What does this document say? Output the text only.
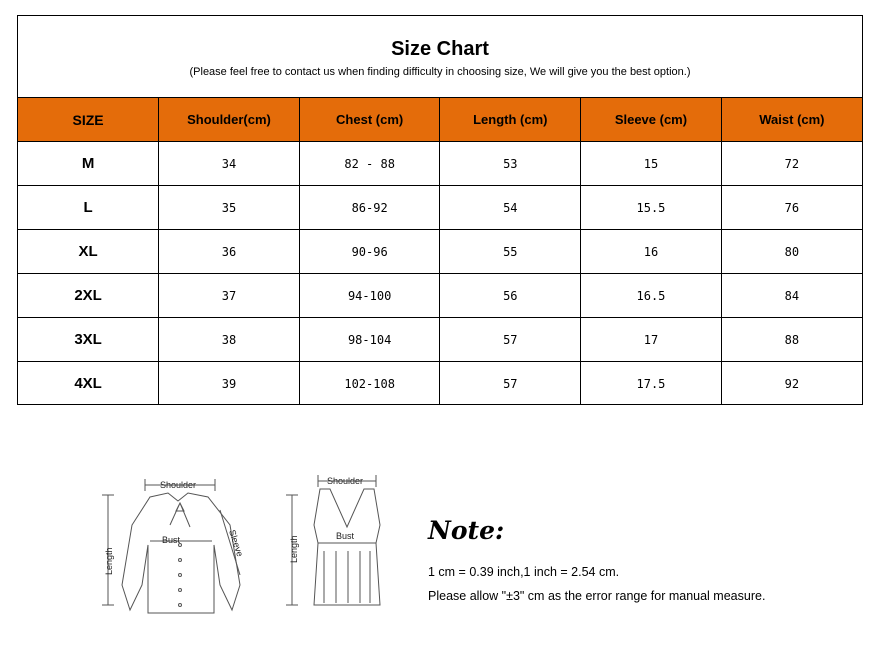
Size Chart
(Please feel free to contact us when finding difficulty in choosing size, We will give you the best option.)
SIZE	Shoulder(cm)	Chest (cm)	Length (cm)	Sleeve (cm)	Waist (cm)
M	34	82 - 88	53	15	72
L	35	86-92	54	15.5	76
XL	36	90-96	55	16	80
2XL	37	94-100	56	16.5	84
3XL	38	98-104	57	17	88
4XL	39	102-108	57	17.5	92
Shoulder
Bust
Length
Sleeve
Shoulder
Bust
Length
Note:
1 cm = 0.39 inch,1 inch = 2.54 cm.
Please allow "±3" cm as the error range for manual measure.
